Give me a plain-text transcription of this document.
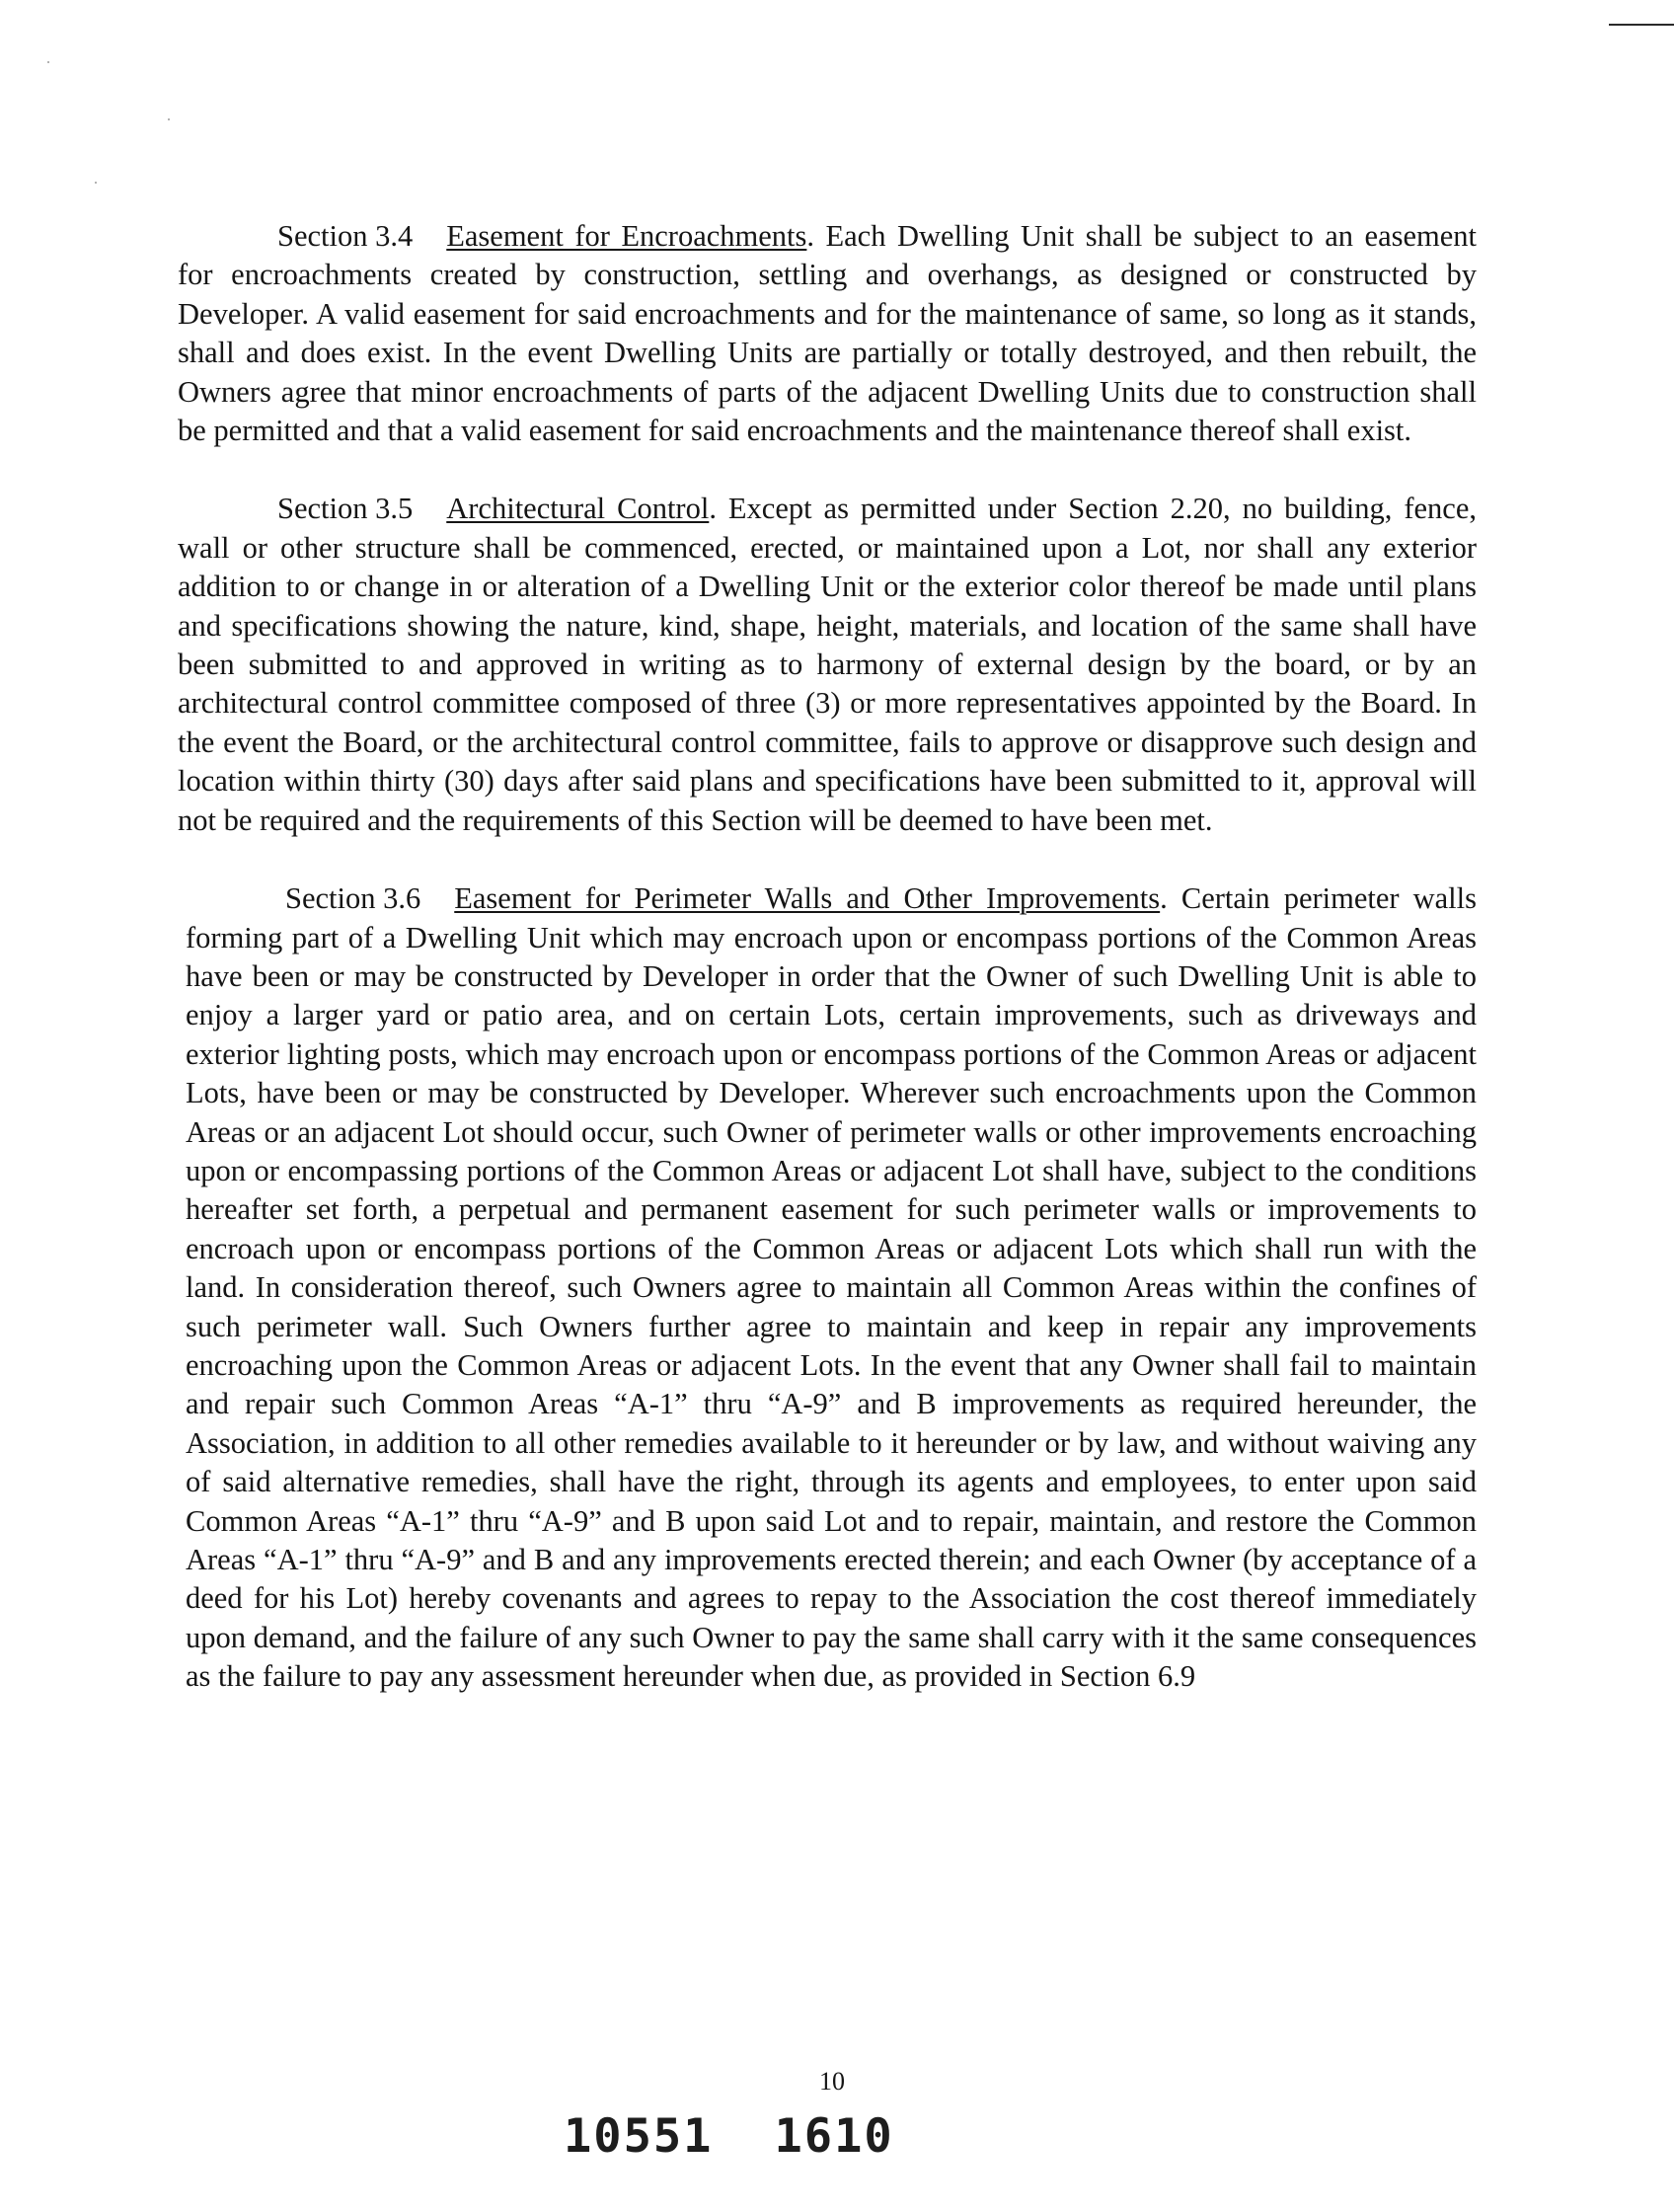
Section 3.4 Easement for Encroachments. Each Dwelling Unit shall be subject to an easement for encroachments created by construction, settling and overhangs, as designed or constructed by Developer. A valid easement for said encroachments and for the maintenance of same, so long as it stands, shall and does exist. In the event Dwelling Units are partially or totally destroyed, and then rebuilt, the Owners agree that minor encroachments of parts of the adjacent Dwelling Units due to construction shall be permitted and that a valid easement for said encroachments and the maintenance thereof shall exist.

Section 3.5 Architectural Control. Except as permitted under Section 2.20, no building, fence, wall or other structure shall be commenced, erected, or maintained upon a Lot, nor shall any exterior addition to or change in or alteration of a Dwelling Unit or the exterior color thereof be made until plans and specifications showing the nature, kind, shape, height, materials, and location of the same shall have been submitted to and approved in writing as to harmony of external design by the board, or by an architectural control committee composed of three (3) or more representatives appointed by the Board. In the event the Board, or the architectural control committee, fails to approve or disapprove such design and location within thirty (30) days after said plans and specifications have been submitted to it, approval will not be required and the requirements of this Section will be deemed to have been met.

Section 3.6 Easement for Perimeter Walls and Other Improvements. Certain perimeter walls forming part of a Dwelling Unit which may encroach upon or encompass portions of the Common Areas have been or may be constructed by Developer in order that the Owner of such Dwelling Unit is able to enjoy a larger yard or patio area, and on certain Lots, certain improvements, such as driveways and exterior lighting posts, which may encroach upon or encompass portions of the Common Areas or adjacent Lots, have been or may be constructed by Developer. Wherever such encroachments upon the Common Areas or an adjacent Lot should occur, such Owner of perimeter walls or other improvements encroaching upon or encompassing portions of the Common Areas or adjacent Lot shall have, subject to the conditions hereafter set forth, a perpetual and permanent easement for such perimeter walls or improvements to encroach upon or encompass portions of the Common Areas or adjacent Lots which shall run with the land. In consideration thereof, such Owners agree to maintain all Common Areas within the confines of such perimeter wall. Such Owners further agree to maintain and keep in repair any improvements encroaching upon the Common Areas or adjacent Lots. In the event that any Owner shall fail to maintain and repair such Common Areas “A-1” thru “A-9” and B improvements as required hereunder, the Association, in addition to all other remedies available to it hereunder or by law, and without waiving any of said alternative remedies, shall have the right, through its agents and employees, to enter upon said Common Areas “A-1” thru “A-9” and B upon said Lot and to repair, maintain, and restore the Common Areas “A-1” thru “A-9” and B and any improvements erected therein; and each Owner (by acceptance of a deed for his Lot) hereby covenants and agrees to repay to the Association the cost thereof immediately upon demand, and the failure of any such Owner to pay the same shall carry with it the same consequences as the failure to pay any assessment hereunder when due, as provided in Section 6.9

10
10551 1610
